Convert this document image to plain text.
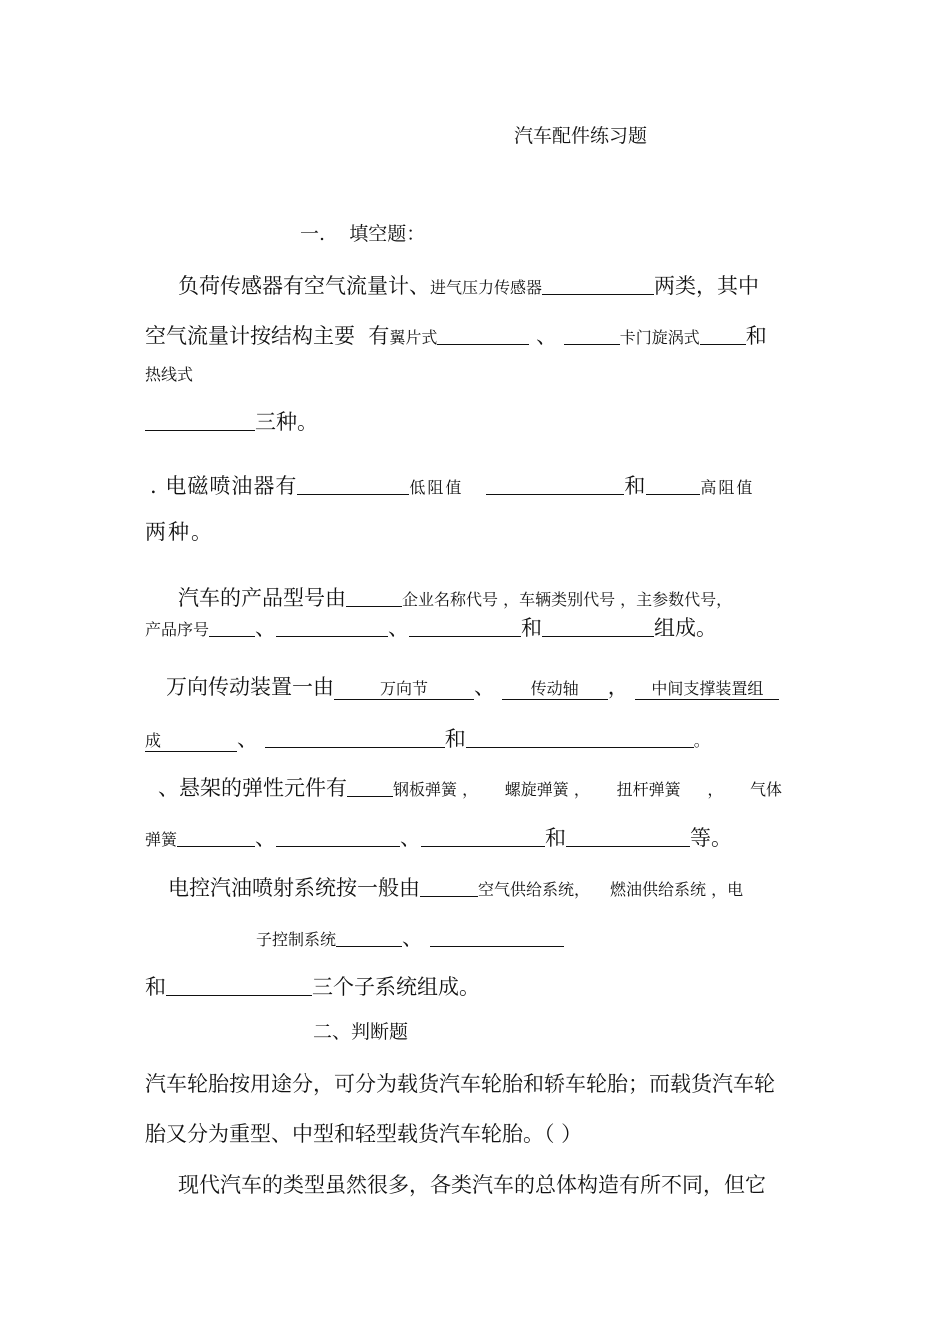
汽车配件练习题
一. 填空题：
负荷传感器有空气流量计、进气压力传感器	两类，其中
空气流量计按结构主要 有翼片式	、	卡门旋涡式 和
热线式
三种。
. 电磁喷油器有	低阻值	和	高阻值
两种。
汽车的产品型号由	企业名称代号 ，车辆类别代号 ，主参数代号，
产品序号 、	、	和	组成。
万向传动装置一由	万向节 、 传动轴 ， 中间支撑装置组
成	、	和	。
、悬架的弹性元件有	钢板弹簧 ， 螺旋弹簧 ， 扭杆弹簧 ， 气体
弹簧	、	、	和	等。
电控汽油喷射系统按一般由	空气供给系统， 燃油供给系统 ，电
子控制系统	、
和	三个子系统组成。
二、判断题
汽车轮胎按用途分，可分为载货汽车轮胎和轿车轮胎；而载货汽车轮
胎又分为重型、中型和轻型载货汽车轮胎。（ ）
现代汽车的类型虽然很多，各类汽车的总体构造有所不同，但它
